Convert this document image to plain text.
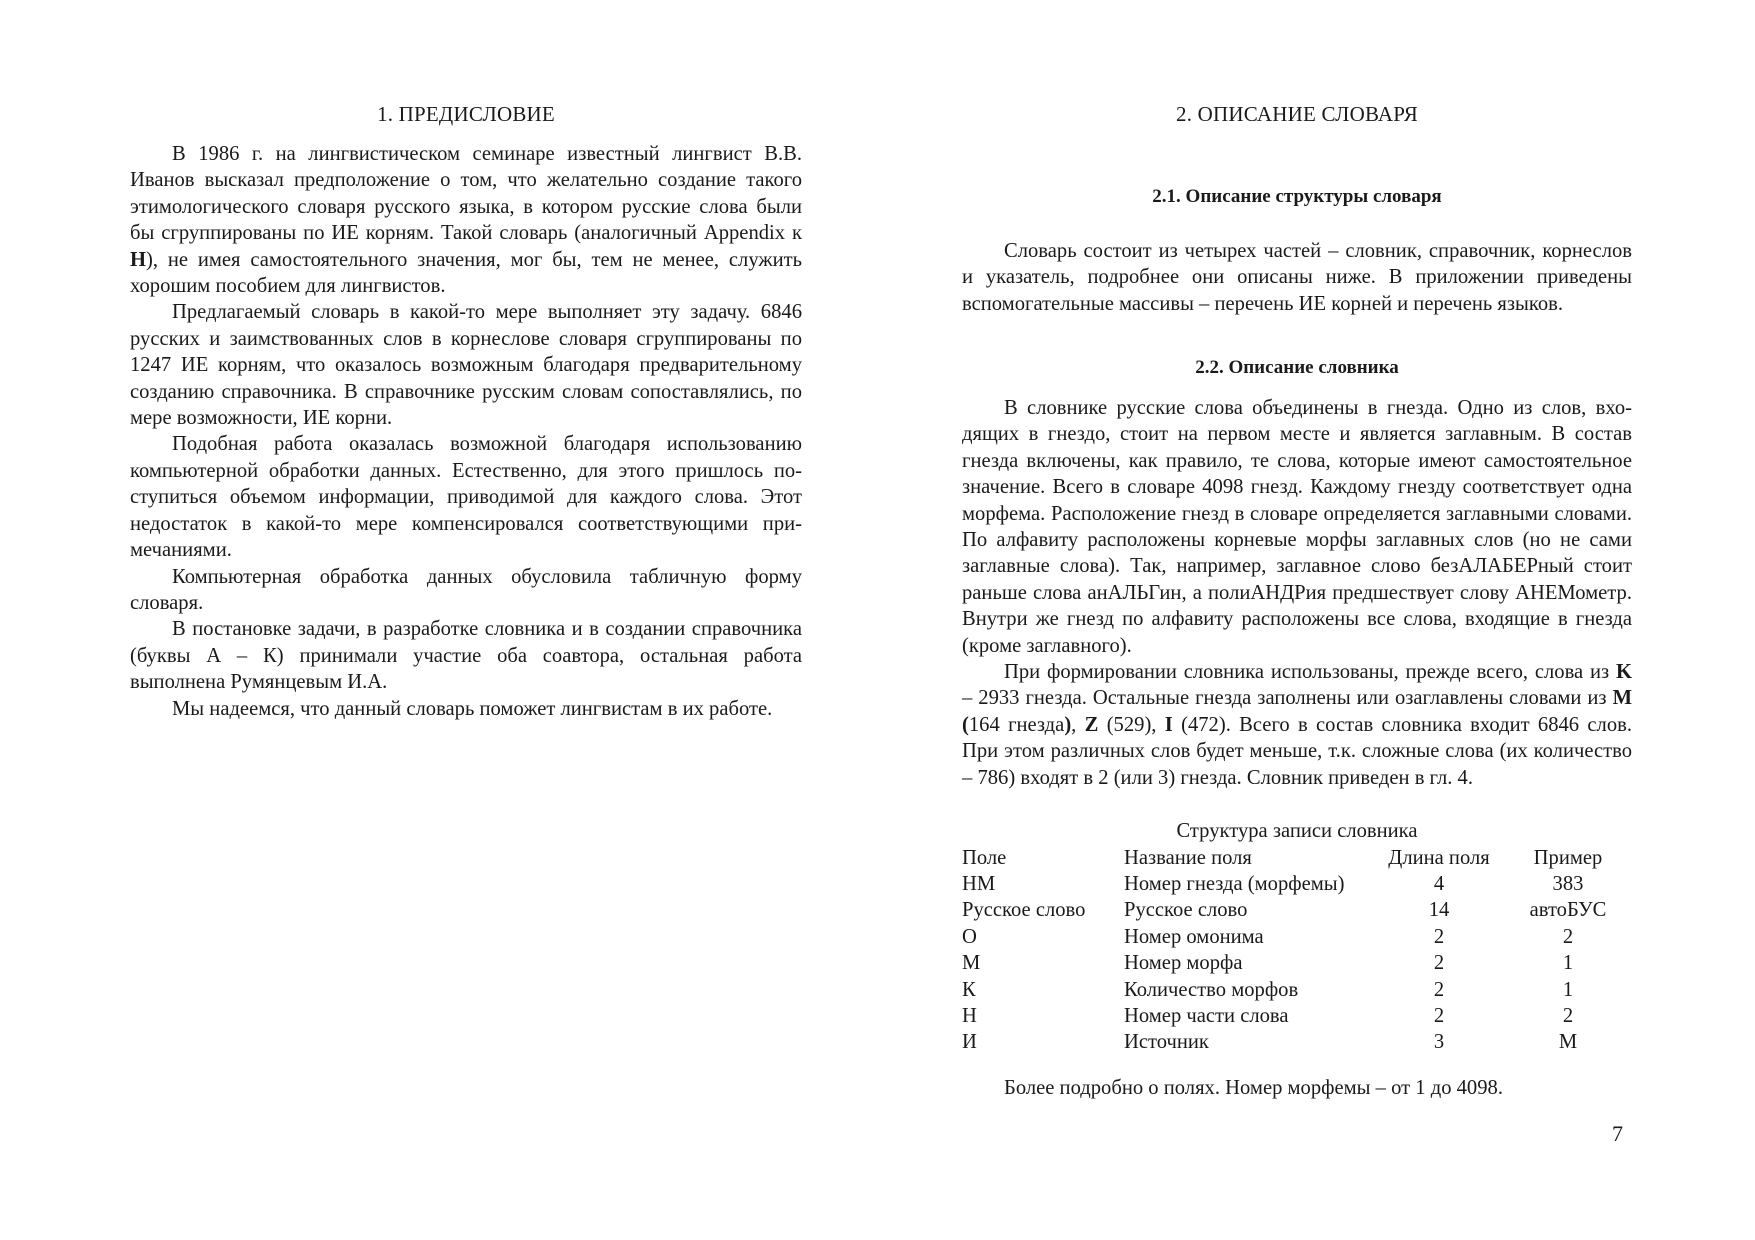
1. ПРЕДИСЛОВИЕ

В 1986 г. на лингвистическом семинаре известный лингвист В.В. Иванов высказал предположение о том, что желательно создание такого этимологического словаря русского языка, в котором русские слова были бы сгруппированы по ИЕ корням. Такой словарь (аналогичный Appendix к H), не имея самостоятельного значения, мог бы, тем не менее, служить хорошим пособием для лингвистов.

Предлагаемый словарь в какой-то мере выполняет эту задачу. 6846 русских и заимствованных слов в корнеслове словаря сгруппированы по 1247 ИЕ корням, что оказалось возможным благодаря предварительному созданию справочника. В справочнике русским словам сопоставлялись, по мере возможности, ИЕ корни.

Подобная работа оказалась возможной благодаря использованию компьютерной обработки данных. Естественно, для этого пришлось поступиться объемом информации, приводимой для каждого слова. Этот недостаток в какой-то мере компенсировался соответствующими примечаниями.

Компьютерная обработка данных обусловила табличную форму словаря.

В постановке задачи, в разработке словника и в создании справочника (буквы А – К) принимали участие оба соавтора, остальная работа выполнена Румянцевым И.А.

Мы надеемся, что данный словарь поможет лингвистам в их работе.

2. ОПИСАНИЕ СЛОВАРЯ
2.1. Описание структуры словаря

Словарь состоит из четырех частей – словник, справочник, корнеслов и указатель, подробнее они описаны ниже. В приложении приведены вспомогательные массивы – перечень ИЕ корней и перечень языков.

2.2. Описание словника

В словнике русские слова объединены в гнезда. Одно из слов, входящих в гнездо, стоит на первом месте и является заглавным. В состав гнезда включены, как правило, те слова, которые имеют самостоятельное значение. Всего в словаре 4098 гнезд. Каждому гнезду соответствует одна морфема. Расположение гнезд в словаре определяется заглавными словами. По алфавиту расположены корневые морфы заглавных слов (но не сами заглавные слова). Так, например, заглавное слово безАЛАБЕРный стоит раньше слова анАЛЬГин, а полиАНДРия предшествует слову АНЕМометр. Внутри же гнезд по алфавиту расположены все слова, входящие в гнезда (кроме заглавного).

При формировании словника использованы, прежде всего, слова из K – 2933 гнезда. Остальные гнезда заполнены или озаглавлены словами из M (164 гнезда), Z (529), I (472). Всего в состав словника входит 6846 слов. При этом различных слов будет меньше, т.к. сложные слова (их количество – 786) входят в 2 (или 3) гнезда. Словник приведен в гл. 4.

Структура записи словника
Поле	Название поля	Длина поля	Пример
НМ	Номер гнезда (морфемы)	4	383
Русское слово	Русское слово	14	автоБУС
О	Номер омонима	2	2
М	Номер морфа	2	1
К	Количество морфов	2	1
Н	Номер части слова	2	2
И	Источник	3	М

Более подробно о полях. Номер морфемы – от 1 до 4098.

7
